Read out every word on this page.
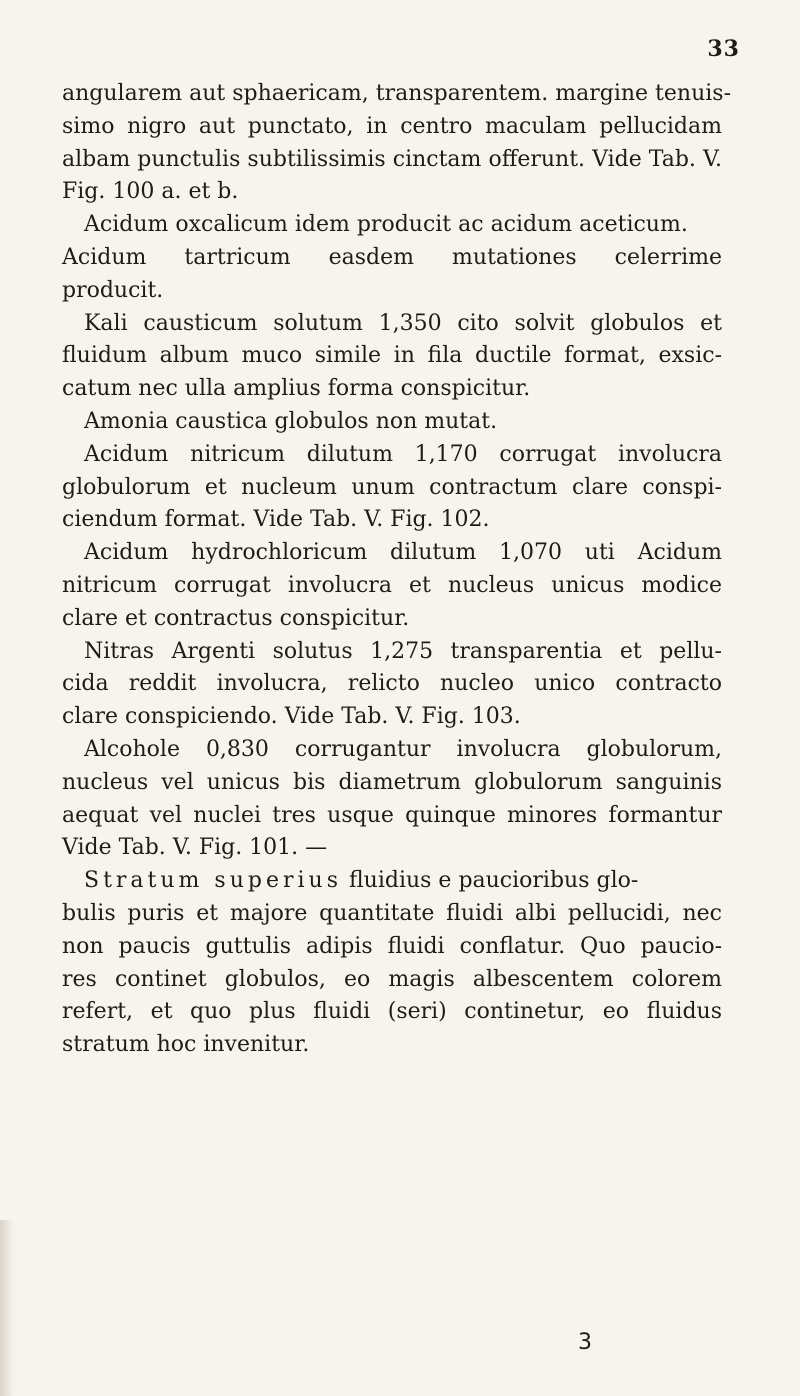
33
angularem aut sphaericam, transparentem. margine tenuis-
simo nigro aut punctato, in centro maculam pellucidam
albam punctulis subtilissimis cinctam offerunt. Vide Tab. V.
Fig. 100 a. et b.
Acidum oxcalicum idem producit ac acidum aceticum.
Acidum tartricum easdem mutationes celerrime
producit.
Kali causticum solutum 1,350 cito solvit globulos et
fluidum album muco simile in fila ductile format, exsic-
catum nec ulla amplius forma conspicitur.
Amonia caustica globulos non mutat.
Acidum nitricum dilutum 1,170 corrugat involucra
globulorum et nucleum unum contractum clare conspi-
ciendum format. Vide Tab. V. Fig. 102.
Acidum hydrochloricum dilutum 1,070 uti Acidum
nitricum corrugat involucra et nucleus unicus modice
clare et contractus conspicitur.
Nitras Argenti solutus 1,275 transparentia et pellu-
cida reddit involucra, relicto nucleo unico contracto
clare conspiciendo. Vide Tab. V. Fig. 103.
Alcohole 0,830 corrugantur involucra globulorum,
nucleus vel unicus bis diametrum globulorum sanguinis
aequat vel nuclei tres usque quinque minores formantur
Vide Tab. V. Fig. 101. —
Stratum superius fluidius e paucioribus glo-
bulis puris et majore quantitate fluidi albi pellucidi, nec
non paucis guttulis adipis fluidi conflatur. Quo paucio-
res continet globulos, eo magis albescentem colorem
refert, et quo plus fluidi (seri) continetur, eo fluidus
stratum hoc invenitur.
3
